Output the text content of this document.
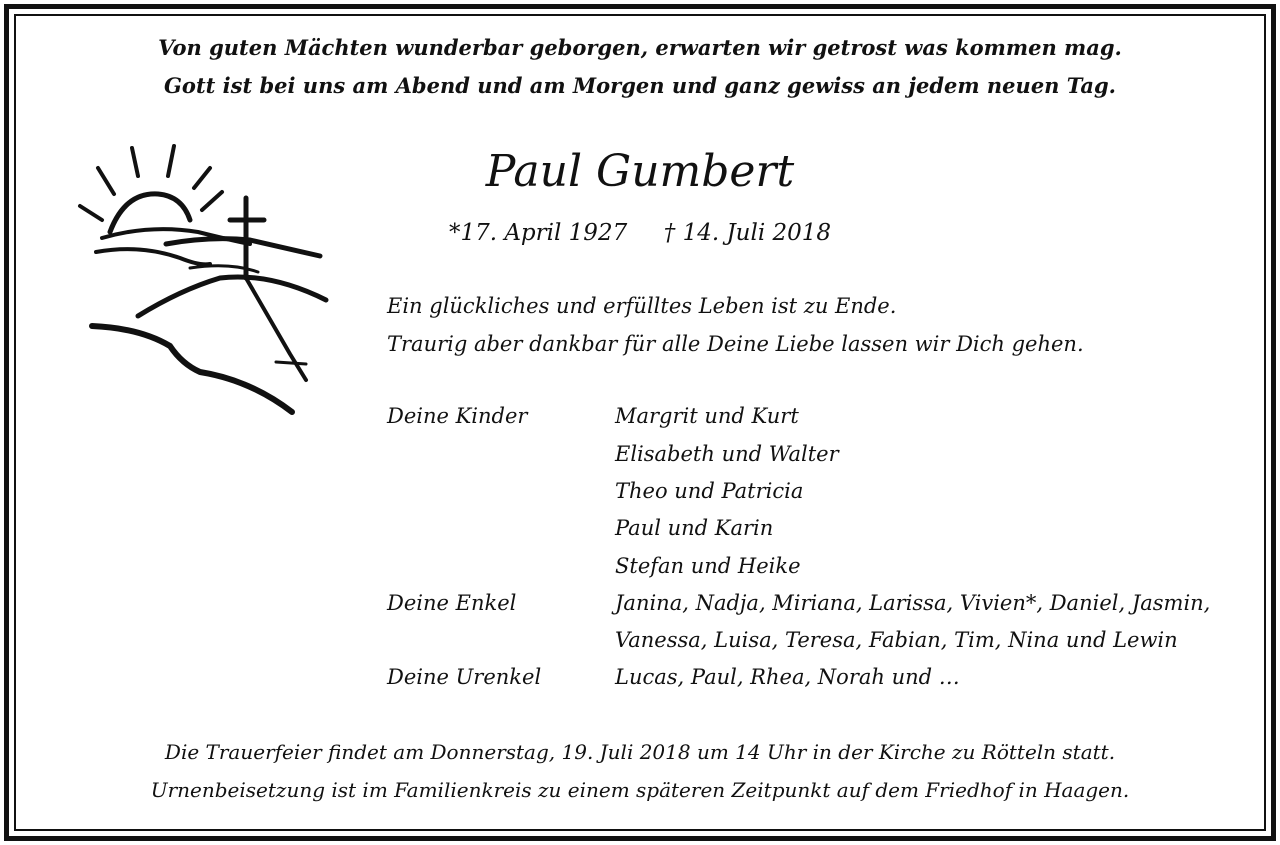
Von guten Mächten wunderbar geborgen, erwarten wir getrost was kommen mag.
Gott ist bei uns am Abend und am Morgen und ganz gewiss an jedem neuen Tag.
Paul Gumbert
*17. April 1927     † 14. Juli 2018
Ein glückliches und erfülltes Leben ist zu Ende.
Traurig aber dankbar für alle Deine Liebe lassen wir Dich gehen.
Deine Kinder	Margrit und Kurt
Elisabeth und Walter
Theo und Patricia
Paul und Karin
Stefan und Heike
Deine Enkel	Janina, Nadja, Miriana, Larissa, Vivien*, Daniel, Jasmin,
Vanessa, Luisa, Teresa, Fabian, Tim, Nina und Lewin
Deine Urenkel	Lucas, Paul, Rhea, Norah und …
Die Trauerfeier findet am Donnerstag, 19. Juli 2018 um 14 Uhr in der Kirche zu Rötteln statt.
Urnenbeisetzung ist im Familienkreis zu einem späteren Zeitpunkt auf dem Friedhof in Haagen.
